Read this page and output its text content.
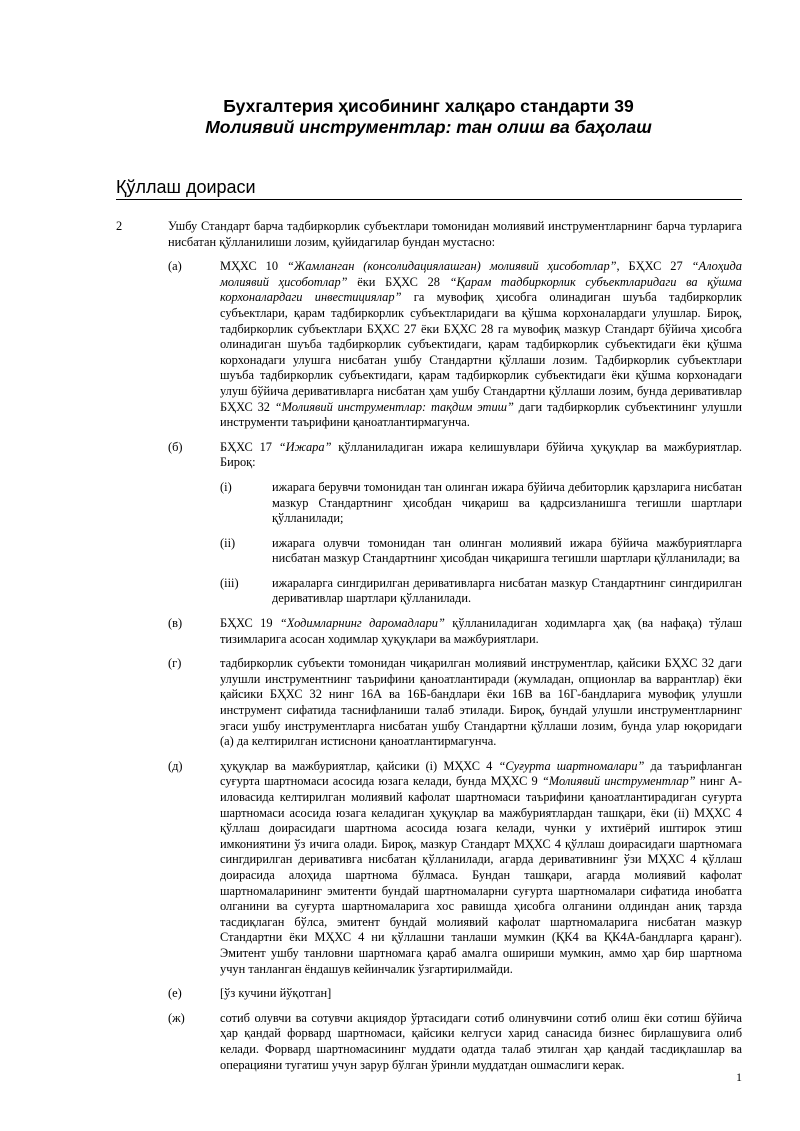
Бухгалтерия ҳисобининг халқаро стандарти 39
Молиявий инструментлар: тан олиш ва баҳолаш
Қўллаш доираси
2	Ушбу Стандарт барча тадбиркорлик субъектлари томонидан молиявий инструментларнинг барча турларига нисбатан қўлланилиши лозим, қуйидагилар бундан мустасно:
(а)	МҲХС 10 “Жамланган (консолидациялашган) молиявий ҳисоботлар”, БҲХС 27 “Алоҳида молиявий ҳисоботлар” ёки БҲХС 28 “Қарам тадбиркорлик субъектларидаги ва қўшма корхоналардаги инвестициялар” га мувофиқ ҳисобга олинадиган шуъба тадбиркорлик субъектлари, қарам тадбиркорлик субъектларидаги ва қўшма корхоналардаги улушлар. Бироқ, тадбиркорлик субъектлари БҲХС 27 ёки БҲХС 28 га мувофиқ мазкур Стандарт бўйича ҳисобга олинадиган шуъба тадбиркорлик субъектидаги, қарам тадбиркорлик субъектидаги ёки қўшма корхонадаги улушга нисбатан ушбу Стандартни қўллаши лозим. Тадбиркорлик субъектлари шуъба тадбиркорлик субъектидаги, қарам тадбиркорлик субъектидаги ёки қўшма корхонадаги улуш бўйича деривативларга нисбатан ҳам ушбу Стандартни қўллаши лозим, бунда деривативлар БҲХС 32 “Молиявий инструментлар: тақдим этиш” даги тадбиркорлик субъектининг улушли инструменти таърифини қаноатлантирмагунча.
(б)	БҲХС 17 “Ижара” қўлланиладиган ижара келишувлари бўйича ҳуқуқлар ва мажбуриятлар. Бироқ:
(i)	ижарага берувчи томонидан тан олинган ижара бўйича дебиторлик қарзларига нисбатан мазкур Стандартнинг ҳисобдан чиқариш ва қадрсизланишга тегишли шартлари қўлланилади;
(ii)	ижарага олувчи томонидан тан олинган молиявий ижара бўйича мажбуриятларга нисбатан мазкур Стандартнинг ҳисобдан чиқаришга тегишли шартлари қўлланилади; ва
(iii)	ижараларга сингдирилган деривативларга нисбатан мазкур Стандартнинг сингдирилган деривативлар шартлари қўлланилади.
(в)	БҲХС 19 “Ходимларнинг даромадлари” қўлланиладиган ходимларга ҳақ (ва нафақа) тўлаш тизимларига асосан ходимлар ҳуқуқлари ва мажбуриятлари.
(г)	тадбиркорлик субъекти томонидан чиқарилган молиявий инструментлар, қайсики БҲХС 32 даги улушли инструментнинг таърифини қаноатлантиради (жумладан, опционлар ва варрантлар) ёки қайсики БҲХС 32 нинг 16А ва 16Б-бандлари ёки 16В ва 16Г-бандларига мувофиқ улушли инструмент сифатида таснифланиши талаб этилади. Бироқ, бундай улушли инструментларнинг эгаси ушбу инструментларга нисбатан ушбу Стандартни қўллаши лозим, бунда улар юқоридаги (а) да келтирилган истиснони қаноатлантирмагунча.
(д)	ҳуқуқлар ва мажбуриятлар, қайсики (i) МҲХС 4 “Суғурта шартномалари” да таърифланган суғурта шартномаси асосида юзага келади, бунда МҲХС 9 “Молиявий инструментлар” нинг А-иловасида келтирилган молиявий кафолат шартномаси таърифини қаноатлантирадиган суғурта шартномаси асосида юзага келадиган ҳуқуқлар ва мажбуриятлардан ташқари, ёки (ii) МҲХС 4 қўллаш доирасидаги шартнома асосида юзага келади, чунки у ихтиёрий иштирок этиш имкониятини ўз ичига олади. Бироқ, мазкур Стандарт МҲХС 4 қўллаш доирасидаги шартномага сингдирилган деривативга нисбатан қўлланилади, агарда деривативнинг ўзи МҲХС 4 қўллаш доирасида алоҳида шартнома бўлмаса. Бундан ташқари, агарда молиявий кафолат шартномаларининг эмитенти бундай шартномаларни суғурта шартномалари сифатида инобатга олганини ва суғурта шартномаларига хос равишда ҳисобга олганини олдиндан аниқ тарзда тасдиқлаган бўлса, эмитент бундай молиявий кафолат шартномаларига нисбатан мазкур Стандартни ёки МҲХС 4 ни қўллашни танлаши мумкин (ҚК4 ва ҚК4А-бандларга қаранг). Эмитент ушбу танловни шартномага қараб амалга ошириши мумкин, аммо ҳар бир шартнома учун танланган ёндашув кейинчалик ўзгартирилмайди.
(е)	[ўз кучини йўқотган]
(ж)	сотиб олувчи ва сотувчи акциядор ўртасидаги сотиб олинувчини сотиб олиш ёки сотиш бўйича ҳар қандай форвард шартномаси, қайсики келгуси харид санасида бизнес бирлашувига олиб келади. Форвард шартномасининг муддати одатда талаб этилган ҳар қандай тасдиқлашлар ва операцияни тугатиш учун зарур бўлган ўринли муддатдан ошмаслиги керак.
1
